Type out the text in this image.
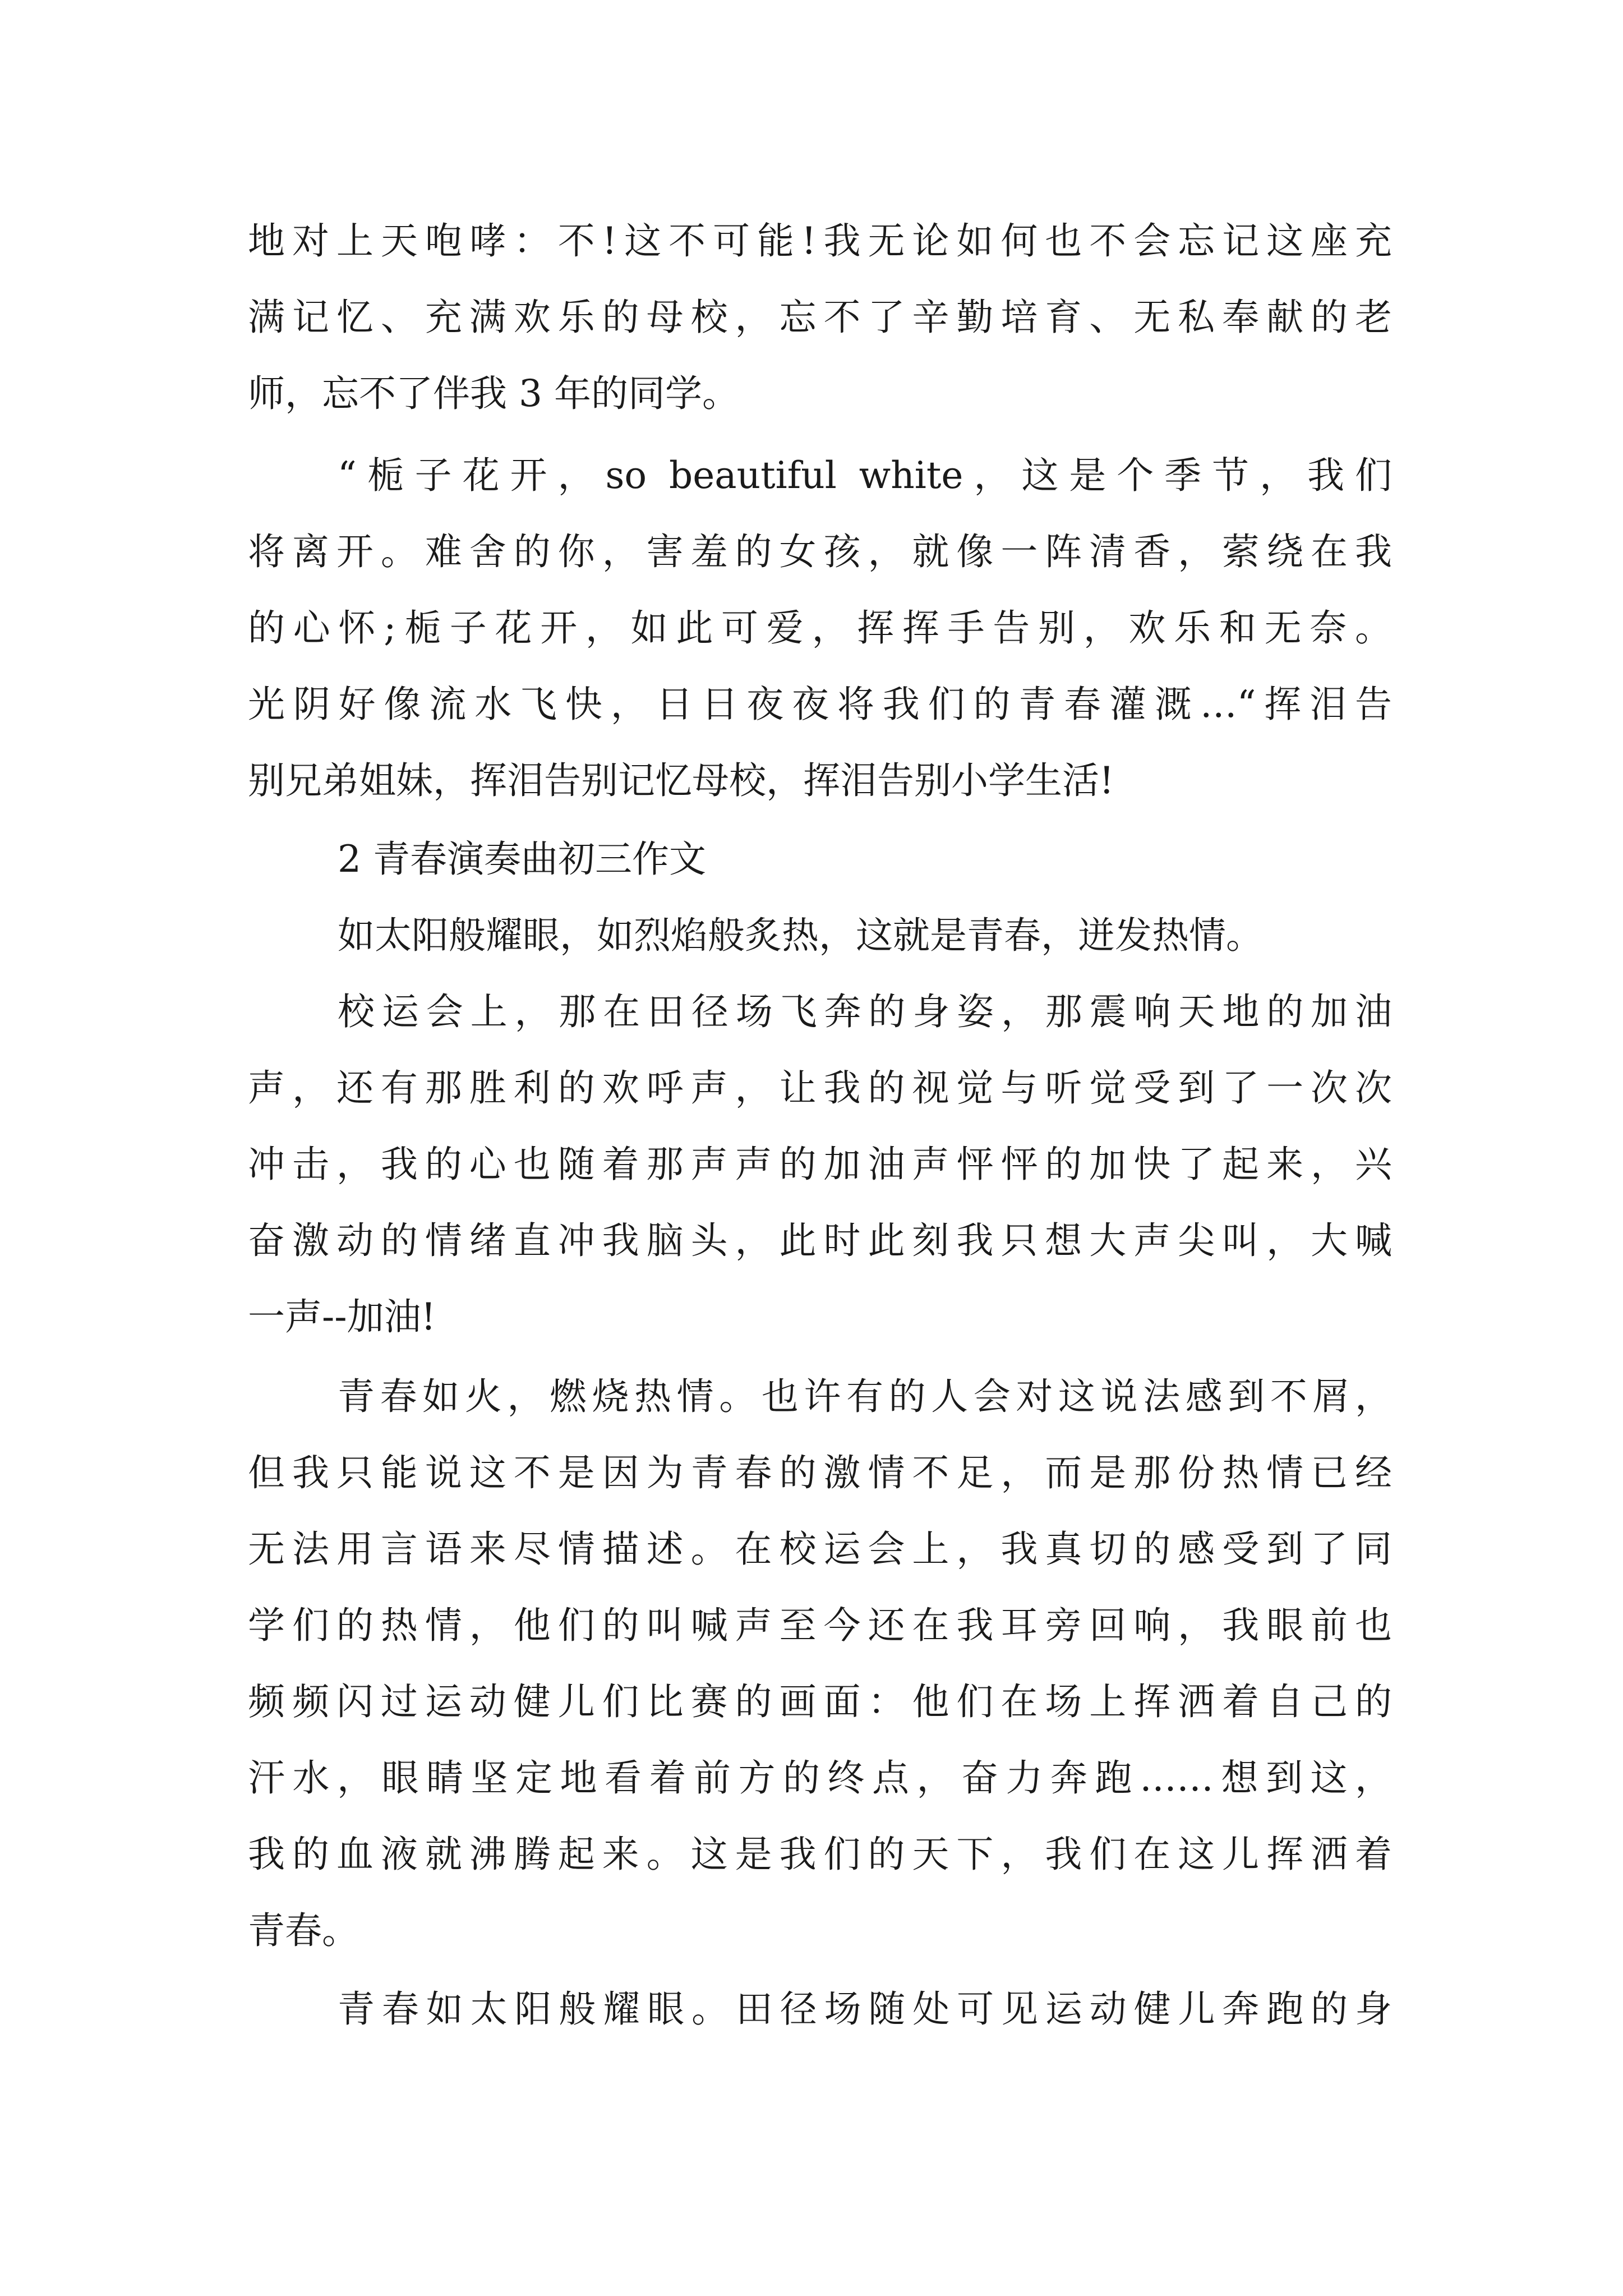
地对上天咆哮：不!这不可能!我无论如何也不会忘记这座充
满记忆、充满欢乐的母校，忘不了辛勤培育、无私奉献的老
师，忘不了伴我 3 年的同学。
“栀子花开，so beautiful white，这是个季节，我们
将离开。难舍的你，害羞的女孩，就像一阵清香，萦绕在我
的心怀;栀子花开，如此可爱，挥挥手告别，欢乐和无奈。
光阴好像流水飞快，日日夜夜将我们的青春灌溉…“挥泪告
别兄弟姐妹，挥泪告别记忆母校，挥泪告别小学生活!
2 青春演奏曲初三作文
如太阳般耀眼，如烈焰般炙热，这就是青春，迸发热情。
校运会上，那在田径场飞奔的身姿，那震响天地的加油
声，还有那胜利的欢呼声，让我的视觉与听觉受到了一次次
冲击，我的心也随着那声声的加油声怦怦的加快了起来，兴
奋激动的情绪直冲我脑头，此时此刻我只想大声尖叫，大喊
一声--加油!
青春如火，燃烧热情。也许有的人会对这说法感到不屑，
但我只能说这不是因为青春的激情不足，而是那份热情已经
无法用言语来尽情描述。在校运会上，我真切的感受到了同
学们的热情，他们的叫喊声至今还在我耳旁回响，我眼前也
频频闪过运动健儿们比赛的画面：他们在场上挥洒着自己的
汗水，眼睛坚定地看着前方的终点，奋力奔跑……想到这，
我的血液就沸腾起来。这是我们的天下，我们在这儿挥洒着
青春。
青春如太阳般耀眼。田径场随处可见运动健儿奔跑的身
